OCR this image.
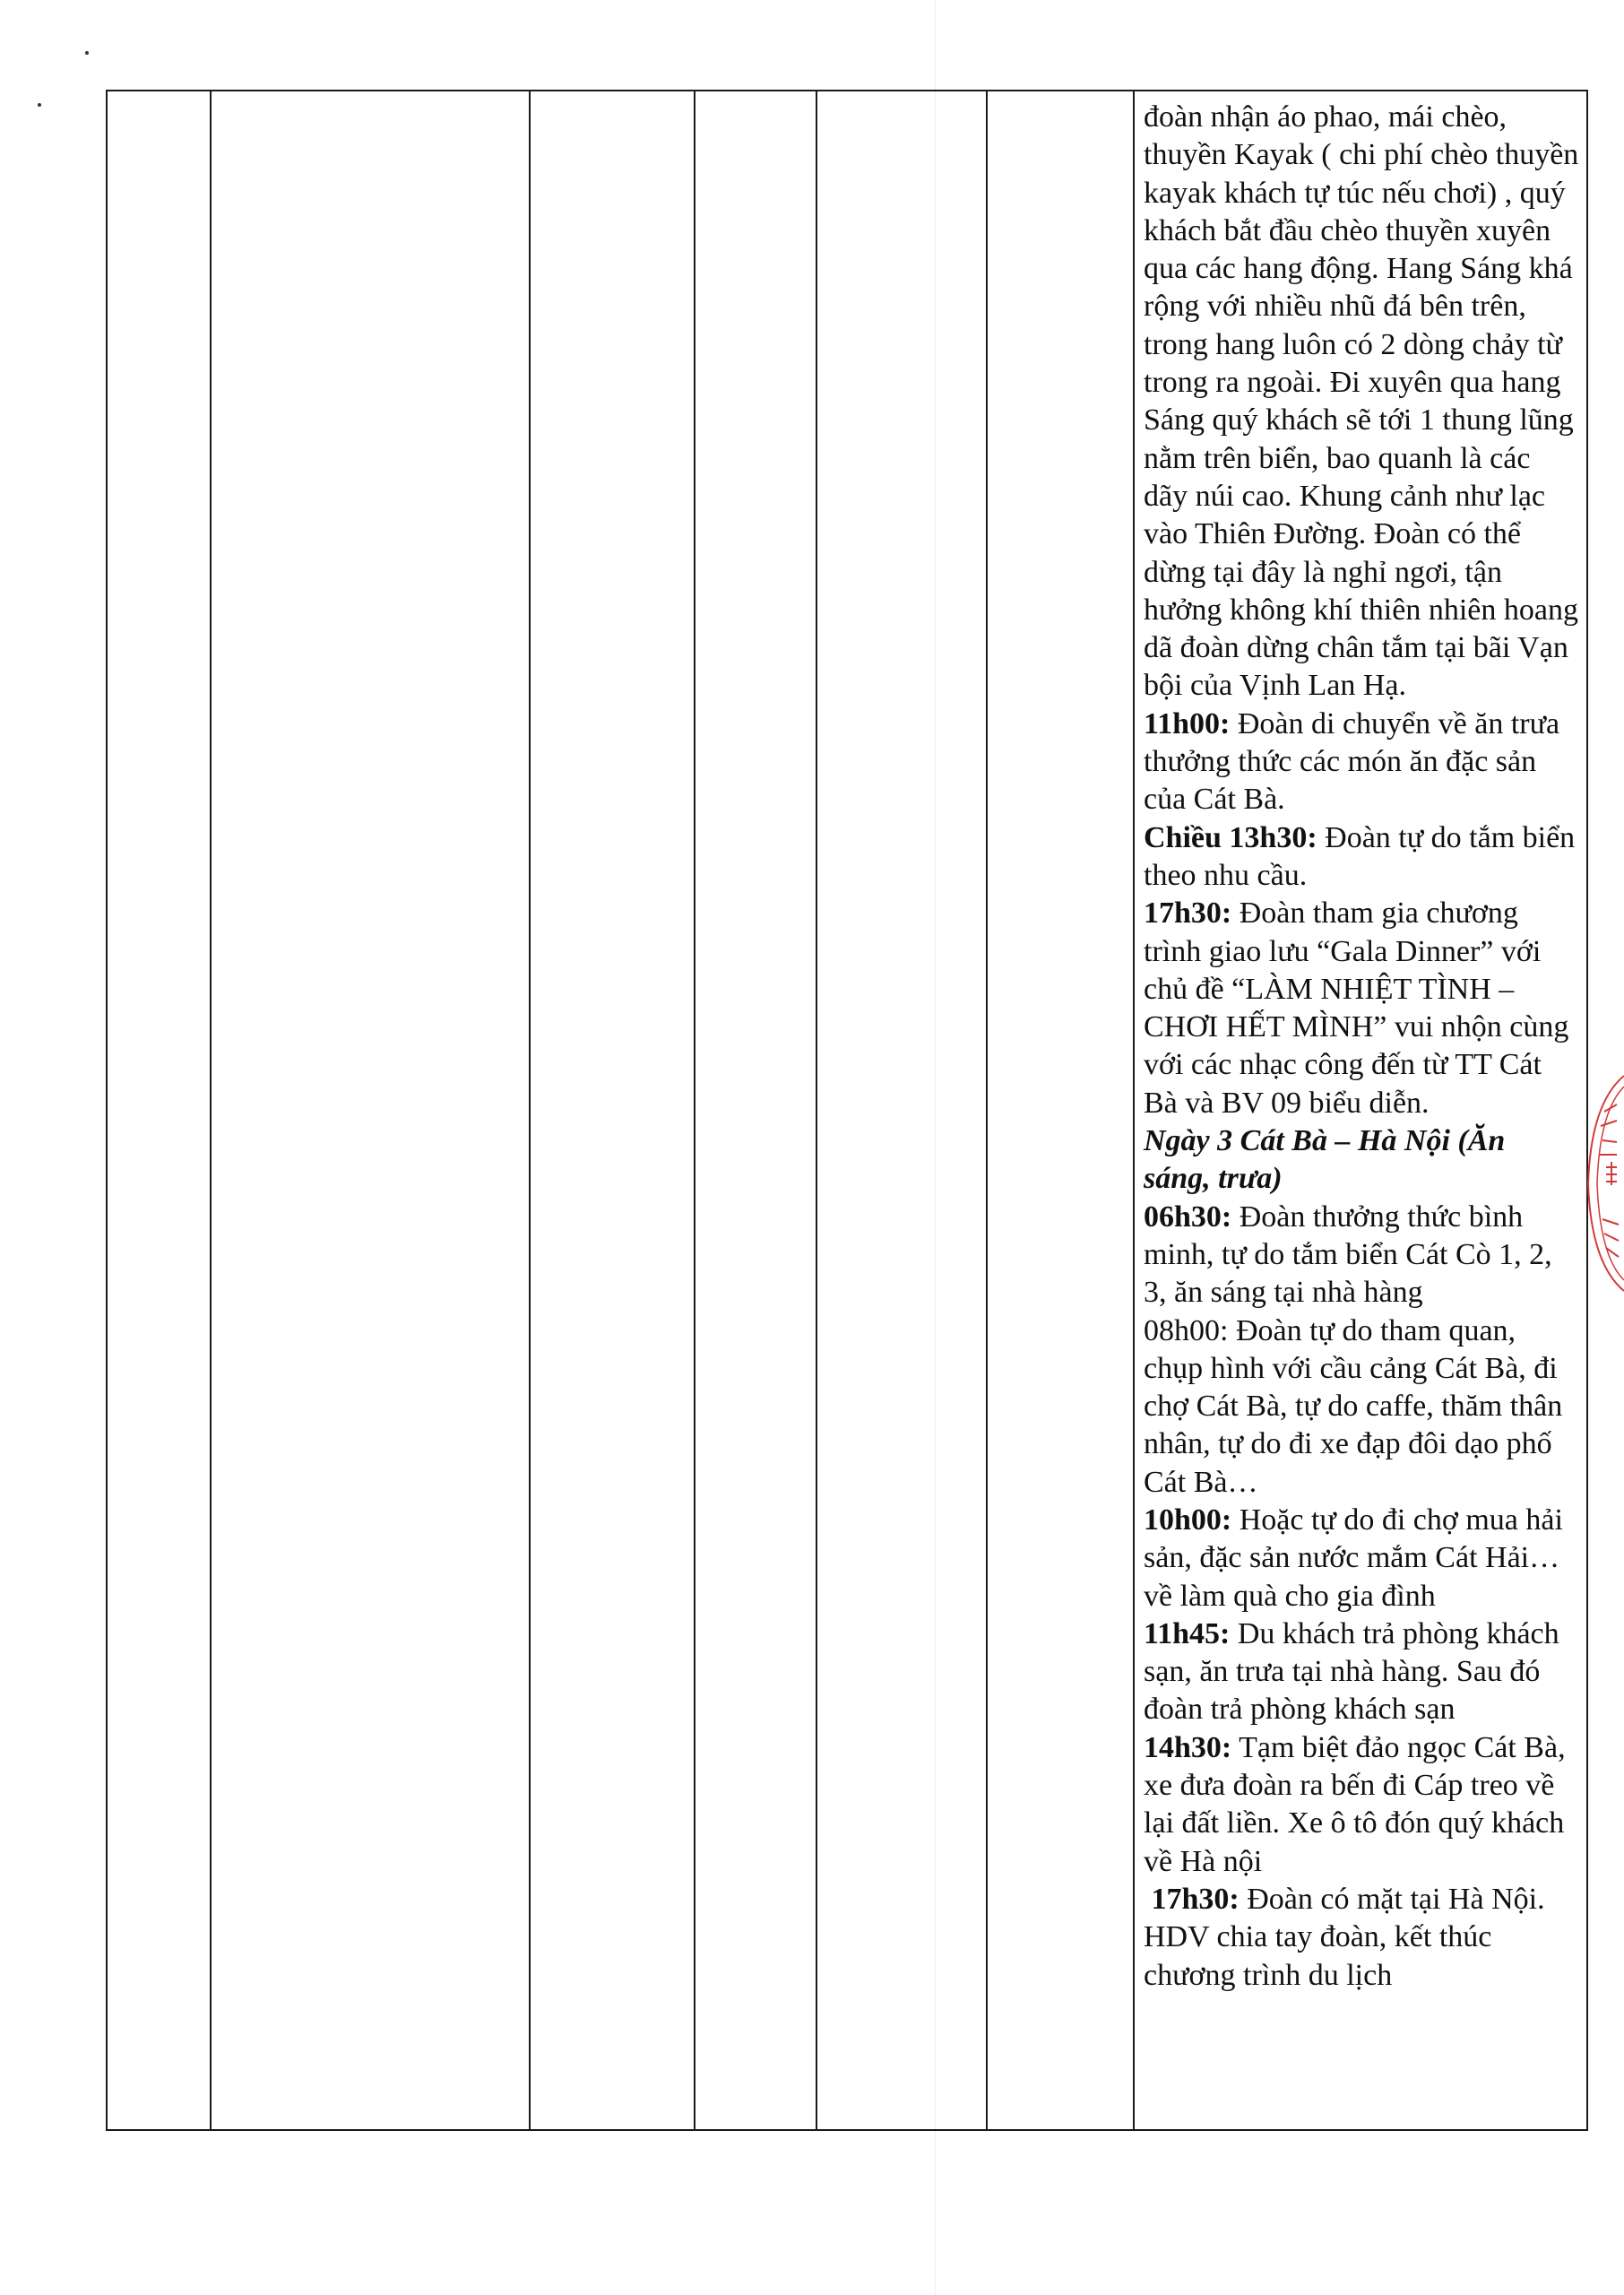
đoàn nhận áo phao, mái chèo, thuyền Kayak ( chi phí chèo thuyền kayak khách tự túc nếu chơi) , quý khách bắt đầu chèo thuyền xuyên qua các hang động. Hang Sáng khá rộng với nhiều nhũ đá bên trên, trong hang luôn có 2 dòng chảy từ trong ra ngoài. Đi xuyên qua hang Sáng quý khách sẽ tới 1 thung lũng nằm trên biển, bao quanh là các dãy núi cao. Khung cảnh như lạc vào Thiên Đường. Đoàn có thể dừng tại đây là nghỉ ngơi, tận hưởng không khí thiên nhiên hoang dã đoàn dừng chân tắm tại bãi Vạn bội của Vịnh Lan Hạ.

11h00: Đoàn di chuyển về ăn trưa thưởng thức các món ăn đặc sản của Cát Bà.

Chiều 13h30: Đoàn tự do tắm biển theo nhu cầu.

17h30: Đoàn tham gia chương trình giao lưu “Gala Dinner” với chủ đề “LÀM NHIỆT TÌNH – CHƠI HẾT MÌNH” vui nhộn cùng với các nhạc công đến từ TT Cát Bà và BV 09 biểu diễn.

Ngày 3 Cát Bà – Hà Nội (Ăn sáng, trưa)

06h30: Đoàn thưởng thức bình minh, tự do tắm biển Cát Cò 1, 2, 3, ăn sáng tại nhà hàng

08h00: Đoàn tự do tham quan, chụp hình với cầu cảng Cát Bà, đi chợ Cát Bà, tự do caffe, thăm thân nhân, tự do đi xe đạp đôi dạo phố Cát Bà…

10h00: Hoặc tự do đi chợ mua hải sản, đặc sản nước mắm Cát Hải… về làm quà cho gia đình

11h45: Du khách trả phòng khách sạn, ăn trưa tại nhà hàng. Sau đó đoàn trả phòng khách sạn

14h30: Tạm biệt đảo ngọc Cát Bà, xe đưa đoàn ra bến đi Cáp treo về lại đất liền. Xe ô tô đón quý khách về Hà nội

17h30: Đoàn có mặt tại Hà Nội. HDV chia tay đoàn, kết thúc chương trình du lịch
